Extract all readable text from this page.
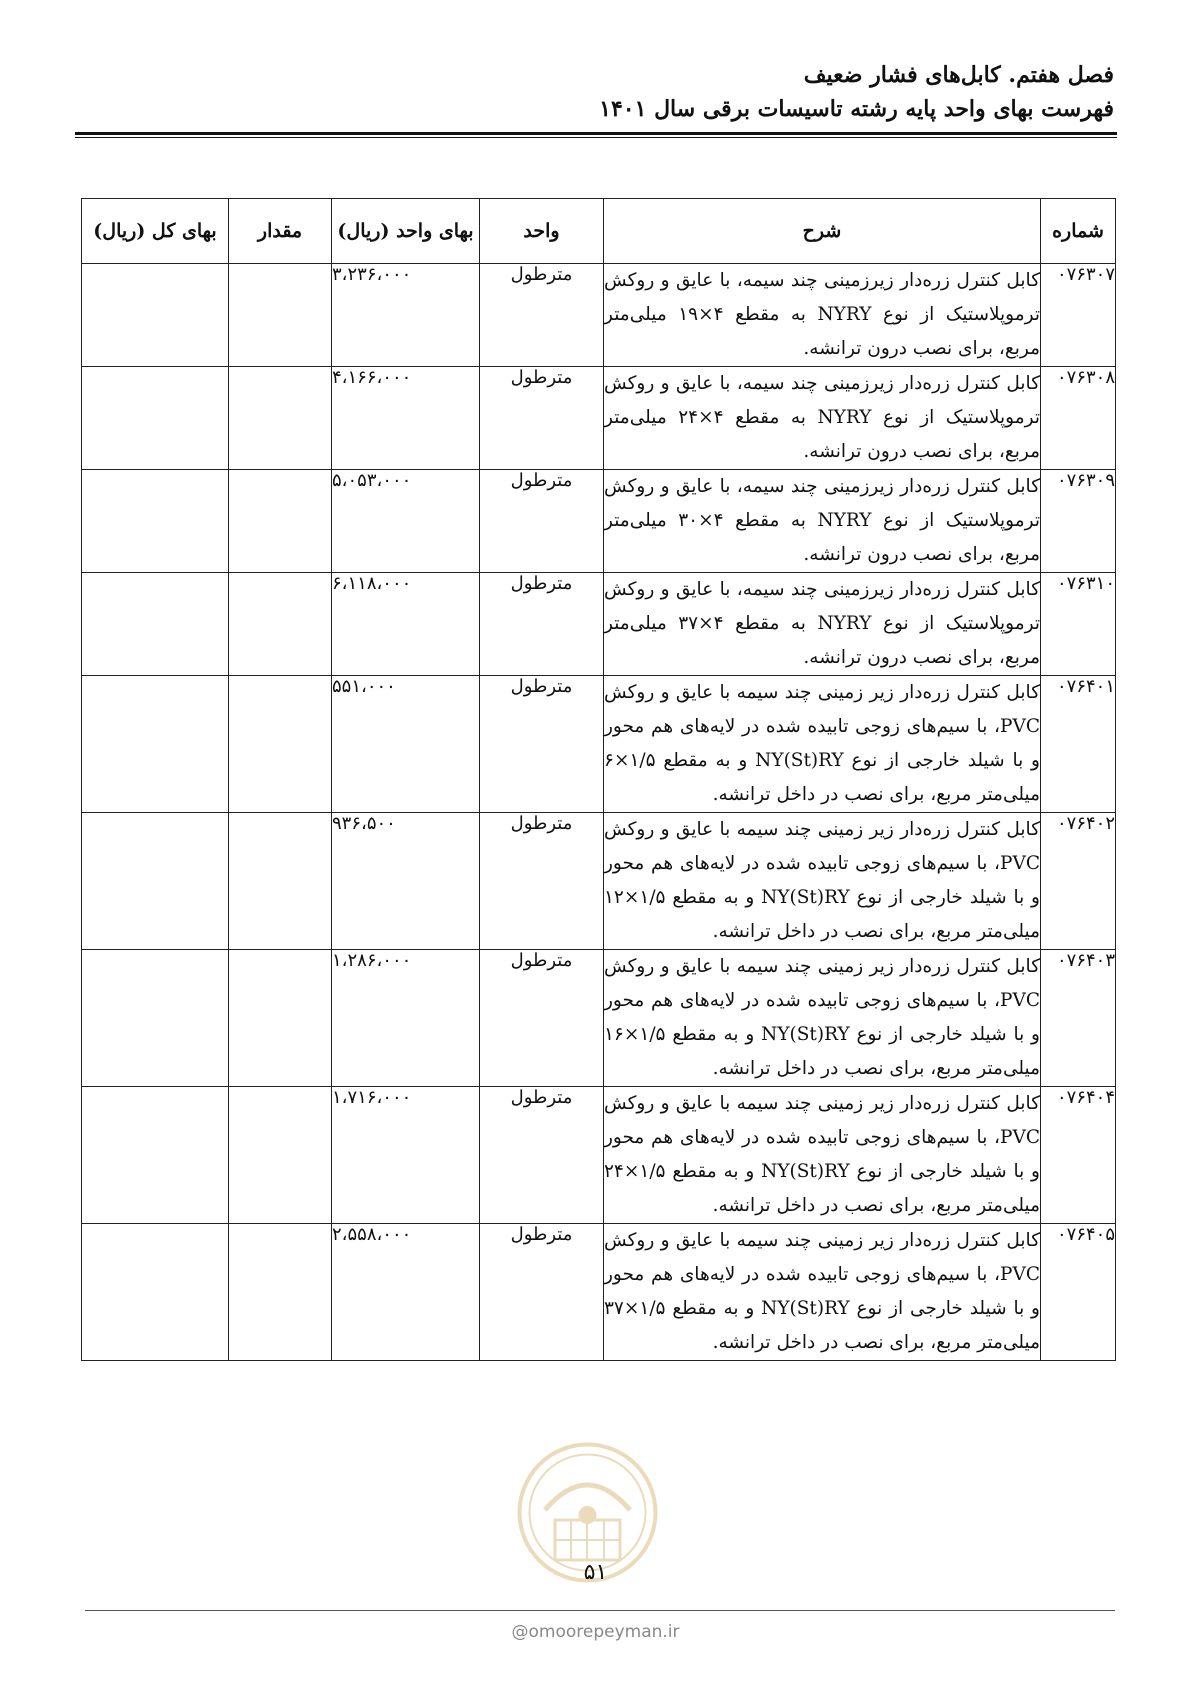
فصل هفتم. کابل‌های فشار ضعیف
فهرست بهای واحد پایه رشته تاسیسات برقی سال ۱۴۰۱
شماره	شرح	واحد	بهای واحد (ریال)	مقدار	بهای کل (ریال)
۰۷۶۳۰۷	کابل کنترل زره‌دار زیرزمینی چند سیمه، با عایق و روکش ترموپلاستیک از نوع NYRY به مقطع ۴×۱۹ میلی‌متر مربع، برای نصب درون ترانشه.	مترطول	۳،۲۳۶،۰۰۰		
۰۷۶۳۰۸	کابل کنترل زره‌دار زیرزمینی چند سیمه، با عایق و روکش ترموپلاستیک از نوع NYRY به مقطع ۴×۲۴ میلی‌متر مربع، برای نصب درون ترانشه.	مترطول	۴،۱۶۶،۰۰۰		
۰۷۶۳۰۹	کابل کنترل زره‌دار زیرزمینی چند سیمه، با عایق و روکش ترموپلاستیک از نوع NYRY به مقطع ۴×۳۰ میلی‌متر مربع، برای نصب درون ترانشه.	مترطول	۵،۰۵۳،۰۰۰		
۰۷۶۳۱۰	کابل کنترل زره‌دار زیرزمینی چند سیمه، با عایق و روکش ترموپلاستیک از نوع NYRY به مقطع ۴×۳۷ میلی‌متر مربع، برای نصب درون ترانشه.	مترطول	۶،۱۱۸،۰۰۰		
۰۷۶۴۰۱	کابل کنترل زره‌دار زیر زمینی چند سیمه با عایق و روکش PVC، با سیم‌های زوجی تابیده شده در لایه‌های هم محور و با شیلد خارجی از نوع NY(St)RY و به مقطع ۱/۵×۶ میلی‌متر مربع، برای نصب در داخل ترانشه.	مترطول	۵۵۱،۰۰۰		
۰۷۶۴۰۲	کابل کنترل زره‌دار زیر زمینی چند سیمه با عایق و روکش PVC، با سیم‌های زوجی تابیده شده در لایه‌های هم محور و با شیلد خارجی از نوع NY(St)RY و به مقطع ۱/۵×۱۲ میلی‌متر مربع، برای نصب در داخل ترانشه.	مترطول	۹۳۶،۵۰۰		
۰۷۶۴۰۳	کابل کنترل زره‌دار زیر زمینی چند سیمه با عایق و روکش PVC، با سیم‌های زوجی تابیده شده در لایه‌های هم محور و با شیلد خارجی از نوع NY(St)RY و به مقطع ۱/۵×۱۶ میلی‌متر مربع، برای نصب در داخل ترانشه.	مترطول	۱،۲۸۶،۰۰۰		
۰۷۶۴۰۴	کابل کنترل زره‌دار زیر زمینی چند سیمه با عایق و روکش PVC، با سیم‌های زوجی تابیده شده در لایه‌های هم محور و با شیلد خارجی از نوع NY(St)RY و به مقطع ۱/۵×۲۴ میلی‌متر مربع، برای نصب در داخل ترانشه.	مترطول	۱،۷۱۶،۰۰۰		
۰۷۶۴۰۵	کابل کنترل زره‌دار زیر زمینی چند سیمه با عایق و روکش PVC، با سیم‌های زوجی تابیده شده در لایه‌های هم محور و با شیلد خارجی از نوع NY(St)RY و به مقطع ۱/۵×۳۷ میلی‌متر مربع، برای نصب در داخل ترانشه.	مترطول	۲،۵۵۸،۰۰۰		
۵۱
@omoorepeyman.ir
